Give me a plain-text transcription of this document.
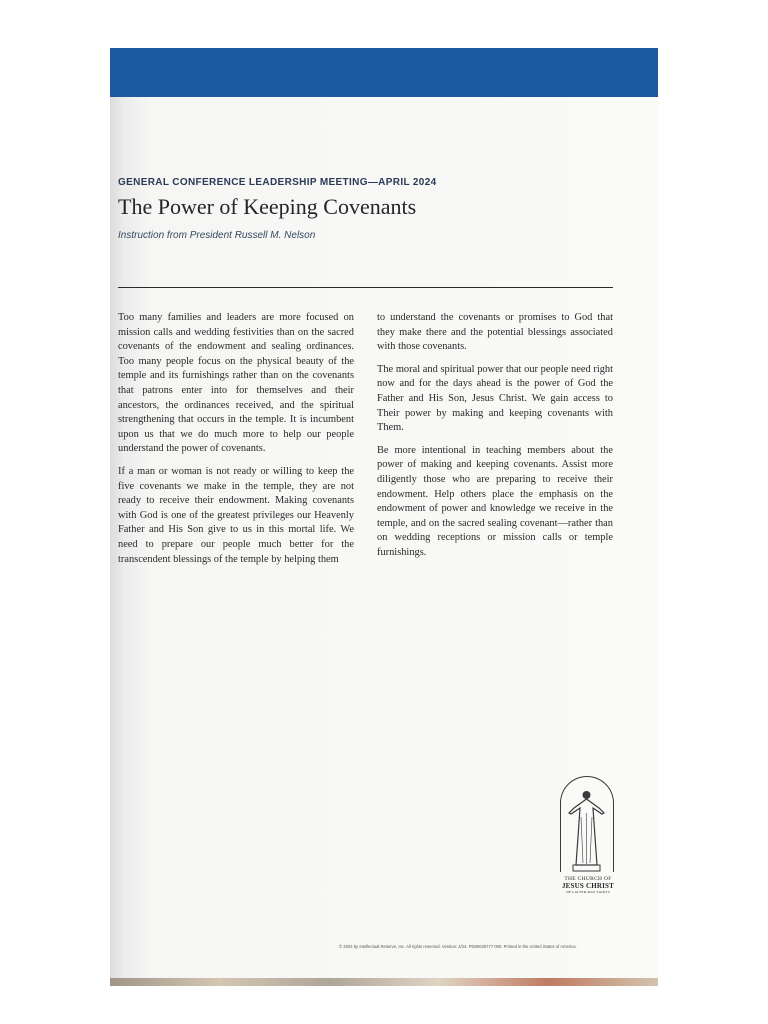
GENERAL CONFERENCE LEADERSHIP MEETING—APRIL 2024
The Power of Keeping Covenants
Instruction from President Russell M. Nelson

Too many families and leaders are more focused on mission calls and wedding festivities than on the sacred covenants of the endowment and sealing ordinances. Too many people focus on the physical beauty of the temple and its furnishings rather than on the covenants that patrons enter into for themselves and their ancestors, the ordinances received, and the spiritual strengthening that occurs in the temple. It is incumbent upon us that we do much more to help our people understand the power of covenants.

If a man or woman is not ready or willing to keep the five covenants we make in the temple, they are not ready to receive their endowment. Making covenants with God is one of the greatest privileges our Heavenly Father and His Son give to us in this mortal life. We need to prepare our people much better for the transcendent blessings of the temple by helping them

to understand the covenants or promises to God that they make there and the potential blessings associated with those covenants.

The moral and spiritual power that our people need right now and for the days ahead is the power of God the Father and His Son, Jesus Christ. We gain access to Their power by making and keeping covenants with Them.

Be more intentional in teaching members about the power of making and keeping covenants. Assist more diligently those who are preparing to receive their endowment. Help others place the emphasis on the endowment of power and knowledge we receive in the temple, and on the sacred sealing covenant—rather than on wedding receptions or mission calls or temple furnishings.

THE CHURCH OF
JESUS CHRIST
OF LATTER-DAY SAINTS
© 2024 by Intellectual Reserve, Inc. All rights reserved. Version: 4/24. PD80035777 000. Printed in the United States of America.
